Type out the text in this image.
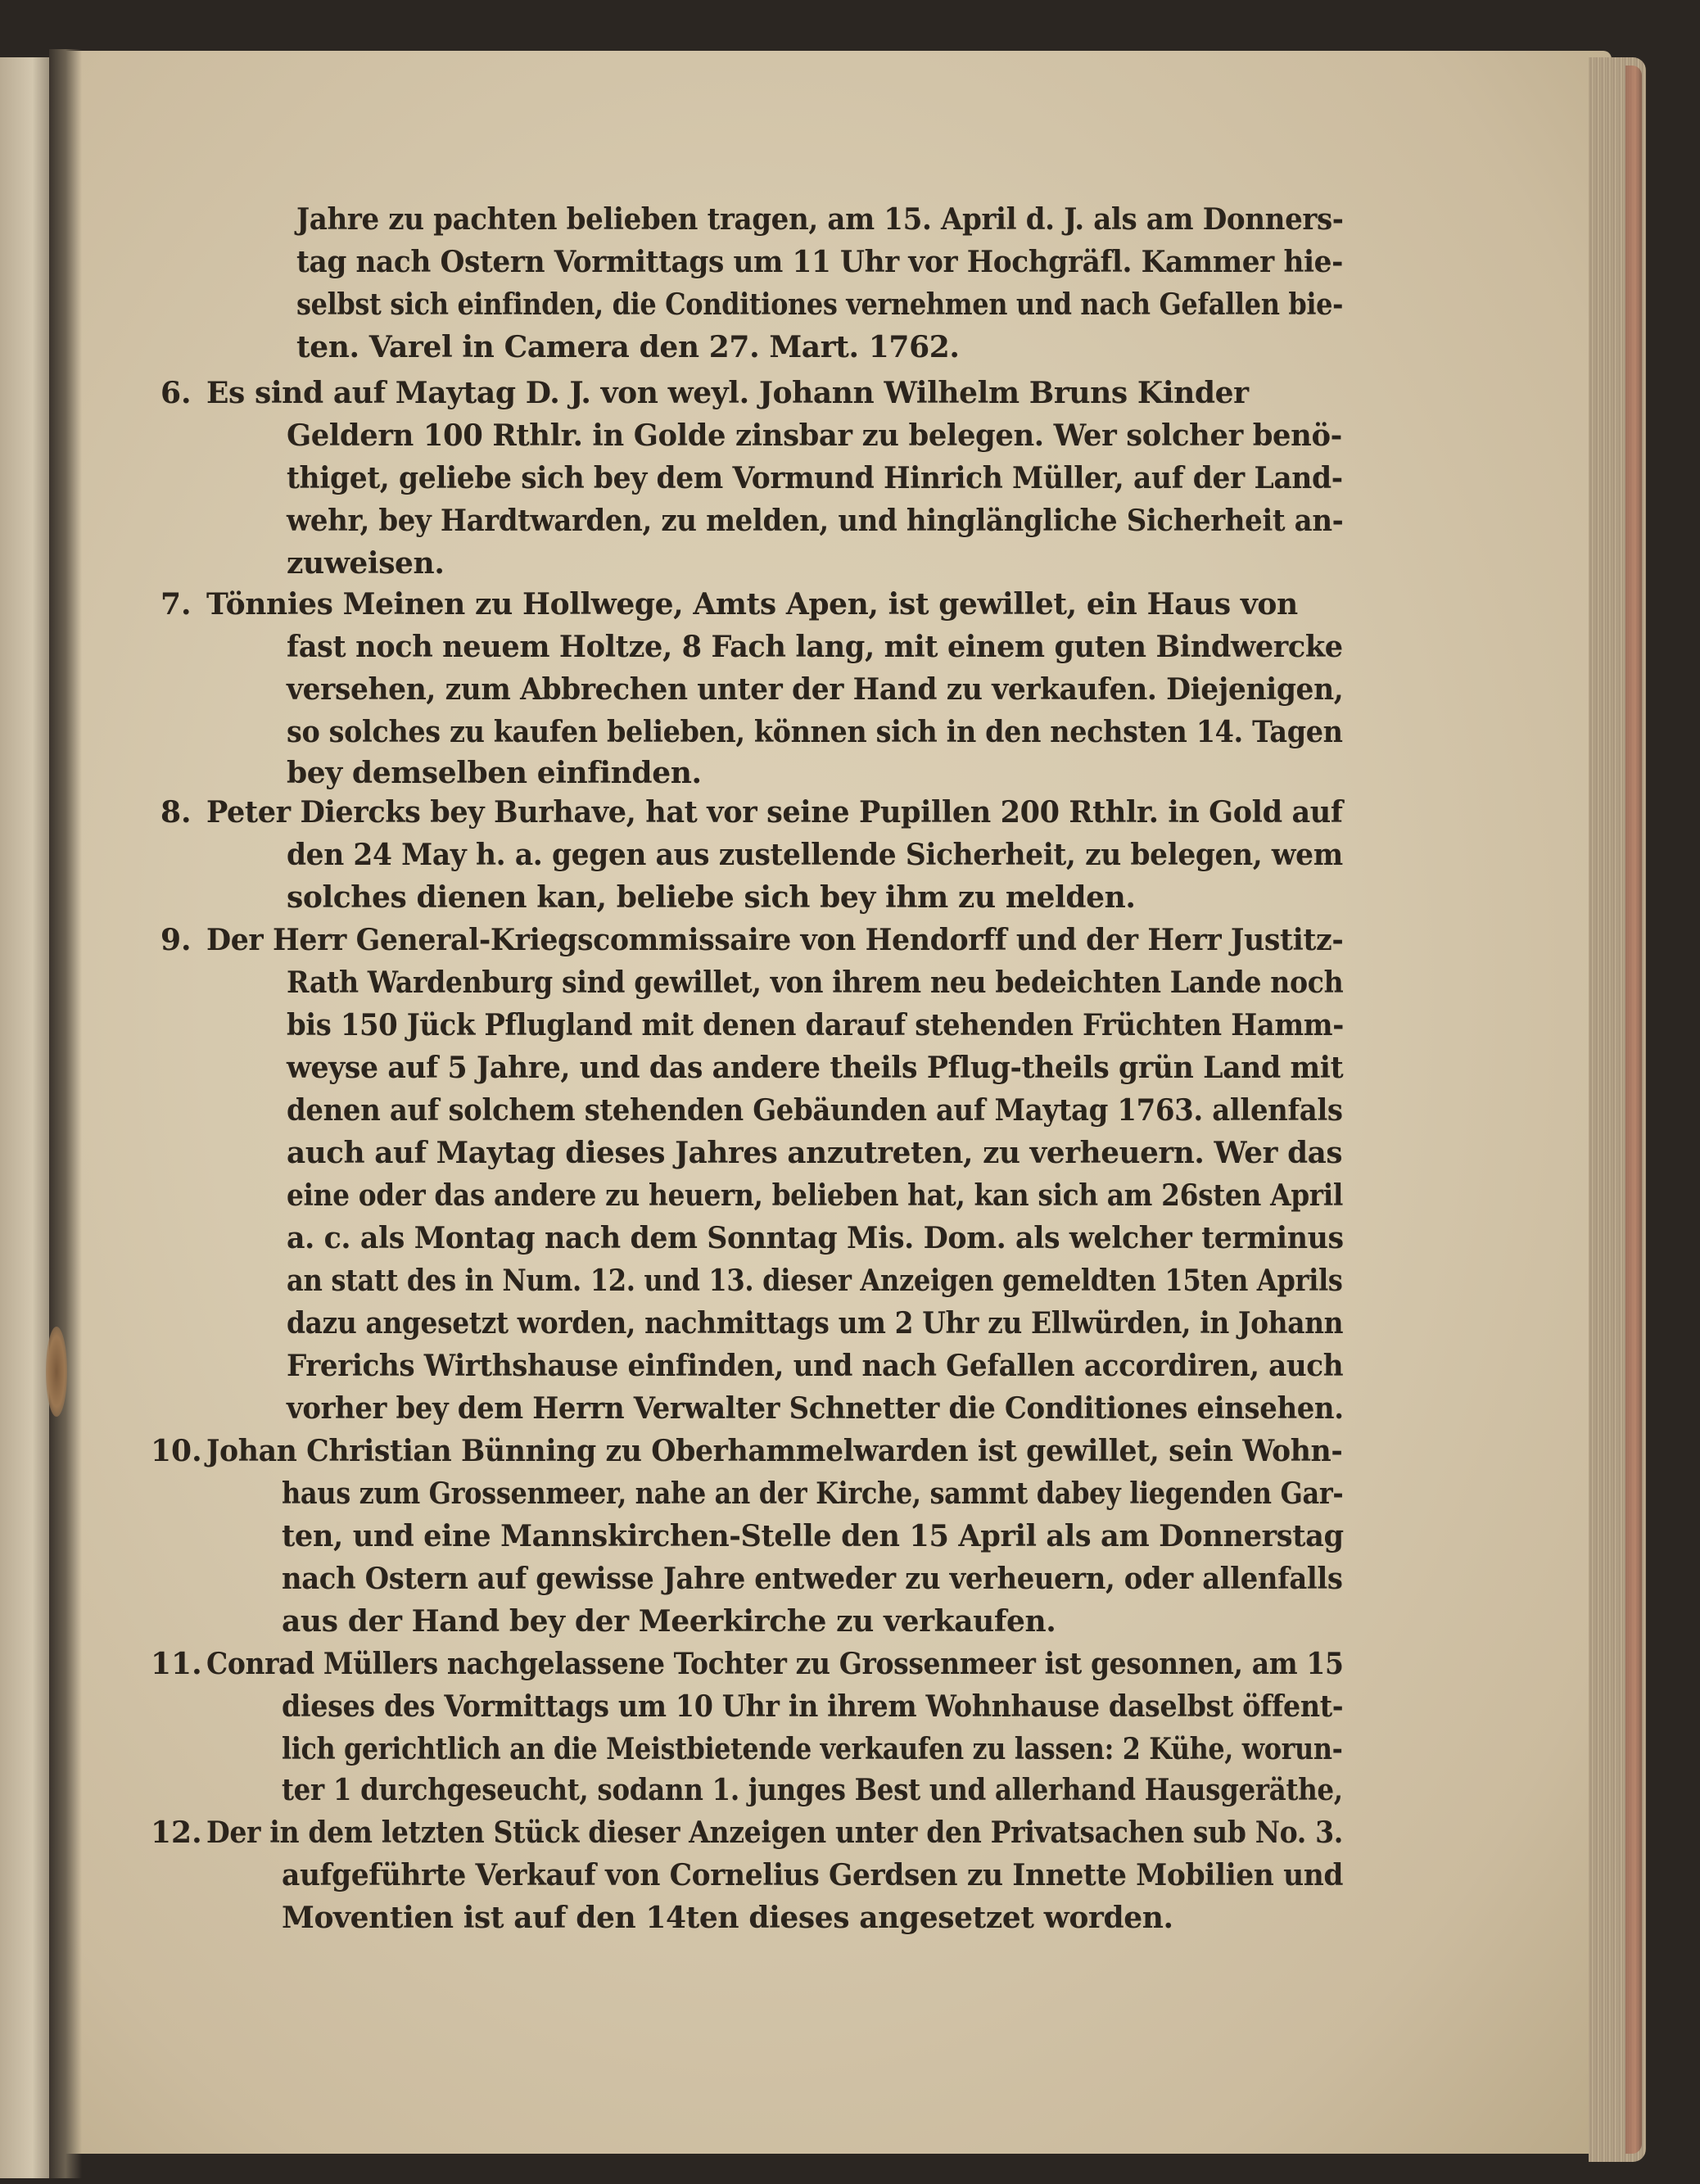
Jahre zu pachten belieben tragen, am 15. April d. J. als am Donners-
tag nach Ostern Vormittags um 11 Uhr vor Hochgräfl. Kammer hie-
selbst sich einfinden, die Conditiones vernehmen und nach Gefallen bie-
ten. Varel in Camera den 27. Mart. 1762.
6. Es sind auf Maytag D. J. von weyl. Johann Wilhelm Bruns Kinder
Geldern 100 Rthlr. in Golde zinsbar zu belegen. Wer solcher benö-
thiget, geliebe sich bey dem Vormund Hinrich Müller, auf der Land-
wehr, bey Hardtwarden, zu melden, und hinglängliche Sicherheit an-
zuweisen.
7. Tönnies Meinen zu Hollwege, Amts Apen, ist gewillet, ein Haus von
fast noch neuem Holtze, 8 Fach lang, mit einem guten Bindwercke
versehen, zum Abbrechen unter der Hand zu verkaufen. Diejenigen,
so solches zu kaufen belieben, können sich in den nechsten 14. Tagen
bey demselben einfinden.
8. Peter Diercks bey Burhave, hat vor seine Pupillen 200 Rthlr. in Gold auf
den 24 May h. a. gegen aus zustellende Sicherheit, zu belegen, wem
solches dienen kan, beliebe sich bey ihm zu melden.
9. Der Herr General-Kriegscommissaire von Hendorff und der Herr Justitz-
Rath Wardenburg sind gewillet, von ihrem neu bedeichten Lande noch
bis 150 Jück Pflugland mit denen darauf stehenden Früchten Hamm-
weyse auf 5 Jahre, und das andere theils Pflug-theils grün Land mit
denen auf solchem stehenden Gebäunden auf Maytag 1763. allenfals
auch auf Maytag dieses Jahres anzutreten, zu verheuern. Wer das
eine oder das andere zu heuern, belieben hat, kan sich am 26sten April
a. c. als Montag nach dem Sonntag Mis. Dom. als welcher terminus
an statt des in Num. 12. und 13. dieser Anzeigen gemeldten 15ten Aprils
dazu angesetzt worden, nachmittags um 2 Uhr zu Ellwürden, in Johann
Frerichs Wirthshause einfinden, und nach Gefallen accordiren, auch
vorher bey dem Herrn Verwalter Schnetter die Conditiones einsehen.
10. Johan Christian Bünning zu Oberhammelwarden ist gewillet, sein Wohn-
haus zum Grossenmeer, nahe an der Kirche, sammt dabey liegenden Gar-
ten, und eine Mannskirchen-Stelle den 15 April als am Donnerstag
nach Ostern auf gewisse Jahre entweder zu verheuern, oder allenfalls
aus der Hand bey der Meerkirche zu verkaufen.
11. Conrad Müllers nachgelassene Tochter zu Grossenmeer ist gesonnen, am 15
dieses des Vormittags um 10 Uhr in ihrem Wohnhause daselbst öffent-
lich gerichtlich an die Meistbietende verkaufen zu lassen: 2 Kühe, worun-
ter 1 durchgeseucht, sodann 1. junges Best und allerhand Hausgeräthe,
12. Der in dem letzten Stück dieser Anzeigen unter den Privatsachen sub No. 3.
aufgeführte Verkauf von Cornelius Gerdsen zu Innette Mobilien und
Moventien ist auf den 14ten dieses angesetzet worden.
